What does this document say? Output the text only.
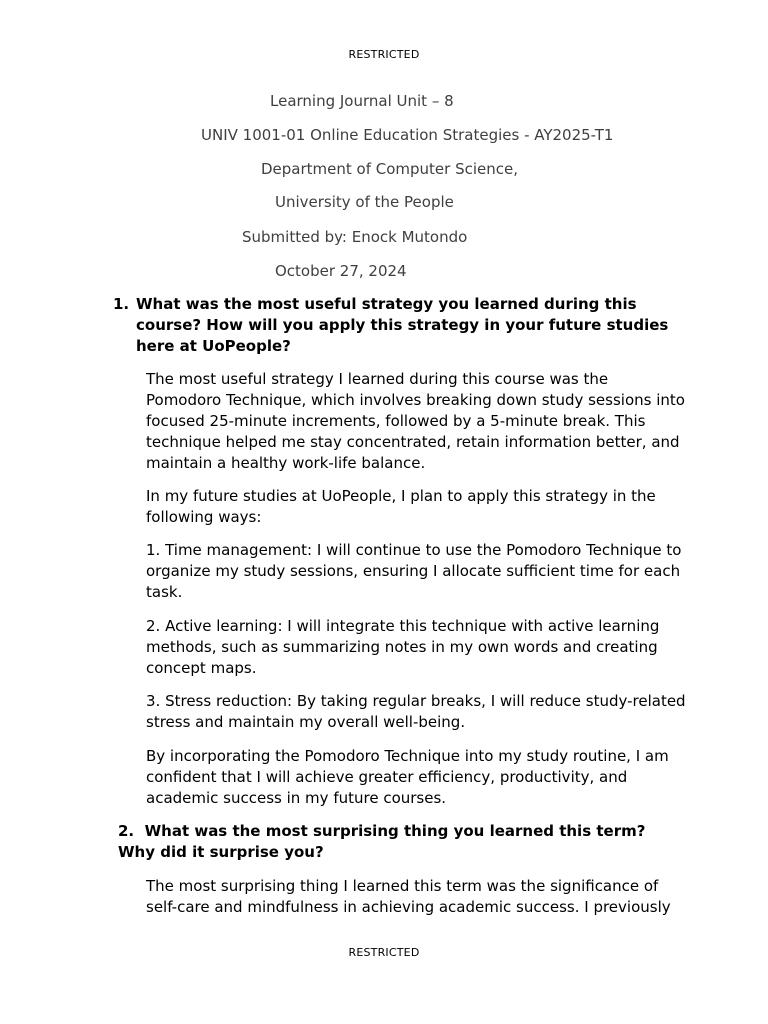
RESTRICTED
Learning Journal Unit – 8
UNIV 1001-01 Online Education Strategies - AY2025-T1
Department of Computer Science,
University of the People
Submitted by: Enock Mutondo
October 27, 2024
1. What was the most useful strategy you learned during this course? How will you apply this strategy in your future studies here at UoPeople?
The most useful strategy I learned during this course was the Pomodoro Technique, which involves breaking down study sessions into focused 25-minute increments, followed by a 5-minute break. This technique helped me stay concentrated, retain information better, and maintain a healthy work-life balance.
In my future studies at UoPeople, I plan to apply this strategy in the following ways:
1. Time management: I will continue to use the Pomodoro Technique to organize my study sessions, ensuring I allocate sufficient time for each task.
2. Active learning: I will integrate this technique with active learning methods, such as summarizing notes in my own words and creating concept maps.
3. Stress reduction: By taking regular breaks, I will reduce study-related stress and maintain my overall well-being.
By incorporating the Pomodoro Technique into my study routine, I am confident that I will achieve greater efficiency, productivity, and academic success in my future courses.
2. What was the most surprising thing you learned this term? Why did it surprise you?
The most surprising thing I learned this term was the significance of self-care and mindfulness in achieving academic success. I previously
RESTRICTED
